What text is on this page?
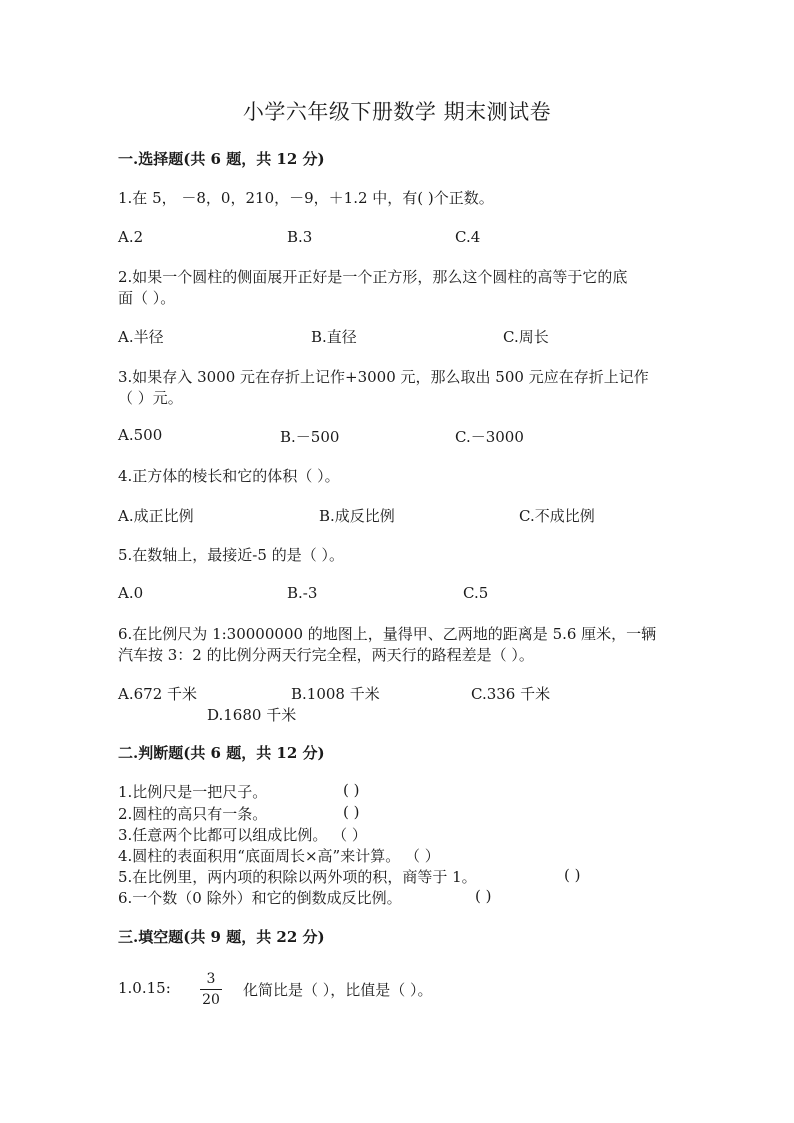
小学六年级下册数学 期末测试卷
一.选择题(共 6 题，共 12 分)
1.在 5， －8，0，210，－9，＋1.2 中，有( )个正数。
A.2	B.3	C.4
2.如果一个圆柱的侧面展开正好是一个正方形，那么这个圆柱的高等于它的底
面（ ）。
A.半径	B.直径	C.周长
3.如果存入 3000 元在存折上记作+3000 元，那么取出 500 元应在存折上记作
（ ）元。
A.500	B.－500	C.－3000
4.正方体的棱长和它的体积（ ）。
A.成正比例	B.成反比例	C.不成比例
5.在数轴上，最接近-5 的是（ ）。
A.0	B.-3	C.5
6.在比例尺为 1:30000000 的地图上，量得甲、乙两地的距离是 5.6 厘米，一辆
汽车按 3：2 的比例分两天行完全程，两天行的路程差是（ ）。
A.672 千米	B.1008 千米	C.336 千米
D.1680 千米
二.判断题(共 6 题，共 12 分)
1.比例尺是一把尺子。	( )
2.圆柱的高只有一条。	( )
3.任意两个比都可以组成比例。 （ ）
4.圆柱的表面积用“底面周长×高”来计算。 （ ）
5.在比例里，两内项的积除以两外项的积，商等于 1。	( )
6.一个数（0 除外）和它的倒数成反比例。	( )
三.填空题(共 9 题，共 22 分)
1.0.15:	3
20
化简比是（ ），比值是（ ）。
